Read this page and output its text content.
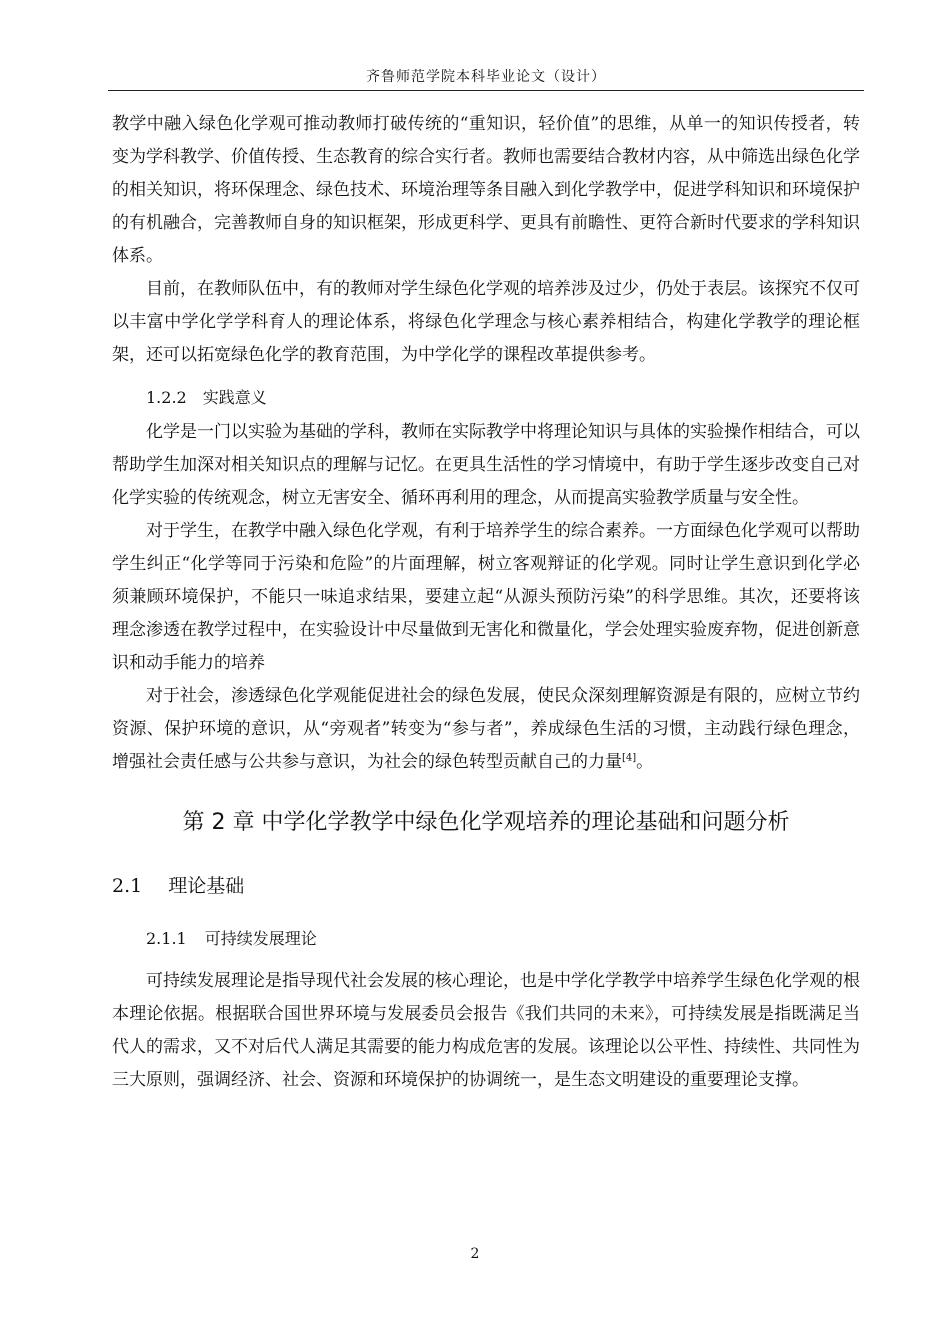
齐鲁师范学院本科毕业论文（设计）

教学中融入绿色化学观可推动教师打破传统的“重知识，轻价值”的思维，从单一的知识传授者，转变为学科教学、价值传授、生态教育的综合实行者。教师也需要结合教材内容，从中筛选出绿色化学的相关知识，将环保理念、绿色技术、环境治理等条目融入到化学教学中，促进学科知识和环境保护的有机融合，完善教师自身的知识框架，形成更科学、更具有前瞻性、更符合新时代要求的学科知识体系。

目前，在教师队伍中，有的教师对学生绿色化学观的培养涉及过少，仍处于表层。该探究不仅可以丰富中学化学学科育人的理论体系，将绿色化学理念与核心素养相结合，构建化学教学的理论框架，还可以拓宽绿色化学的教育范围，为中学化学的课程改革提供参考。

1.2.2 实践意义

化学是一门以实验为基础的学科，教师在实际教学中将理论知识与具体的实验操作相结合，可以帮助学生加深对相关知识点的理解与记忆。在更具生活性的学习情境中，有助于学生逐步改变自己对化学实验的传统观念，树立无害安全、循环再利用的理念，从而提高实验教学质量与安全性。

对于学生，在教学中融入绿色化学观，有利于培养学生的综合素养。一方面绿色化学观可以帮助学生纠正“化学等同于污染和危险”的片面理解，树立客观辩证的化学观。同时让学生意识到化学必须兼顾环境保护，不能只一味追求结果，要建立起“从源头预防污染”的科学思维。其次，还要将该理念渗透在教学过程中，在实验设计中尽量做到无害化和微量化，学会处理实验废弃物，促进创新意识和动手能力的培养

对于社会，渗透绿色化学观能促进社会的绿色发展，使民众深刻理解资源是有限的，应树立节约资源、保护环境的意识，从“旁观者”转变为“参与者”，养成绿色生活的习惯，主动践行绿色理念，增强社会责任感与公共参与意识，为社会的绿色转型贡献自己的力量[4]。

第 2 章 中学化学教学中绿色化学观培养的理论基础和问题分析
2.1 理论基础
2.1.1 可持续发展理论

可持续发展理论是指导现代社会发展的核心理论，也是中学化学教学中培养学生绿色化学观的根本理论依据。根据联合国世界环境与发展委员会报告《我们共同的未来》，可持续发展是指既满足当代人的需求，又不对后代人满足其需要的能力构成危害的发展。该理论以公平性、持续性、共同性为三大原则，强调经济、社会、资源和环境保护的协调统一，是生态文明建设的重要理论支撑。

2
